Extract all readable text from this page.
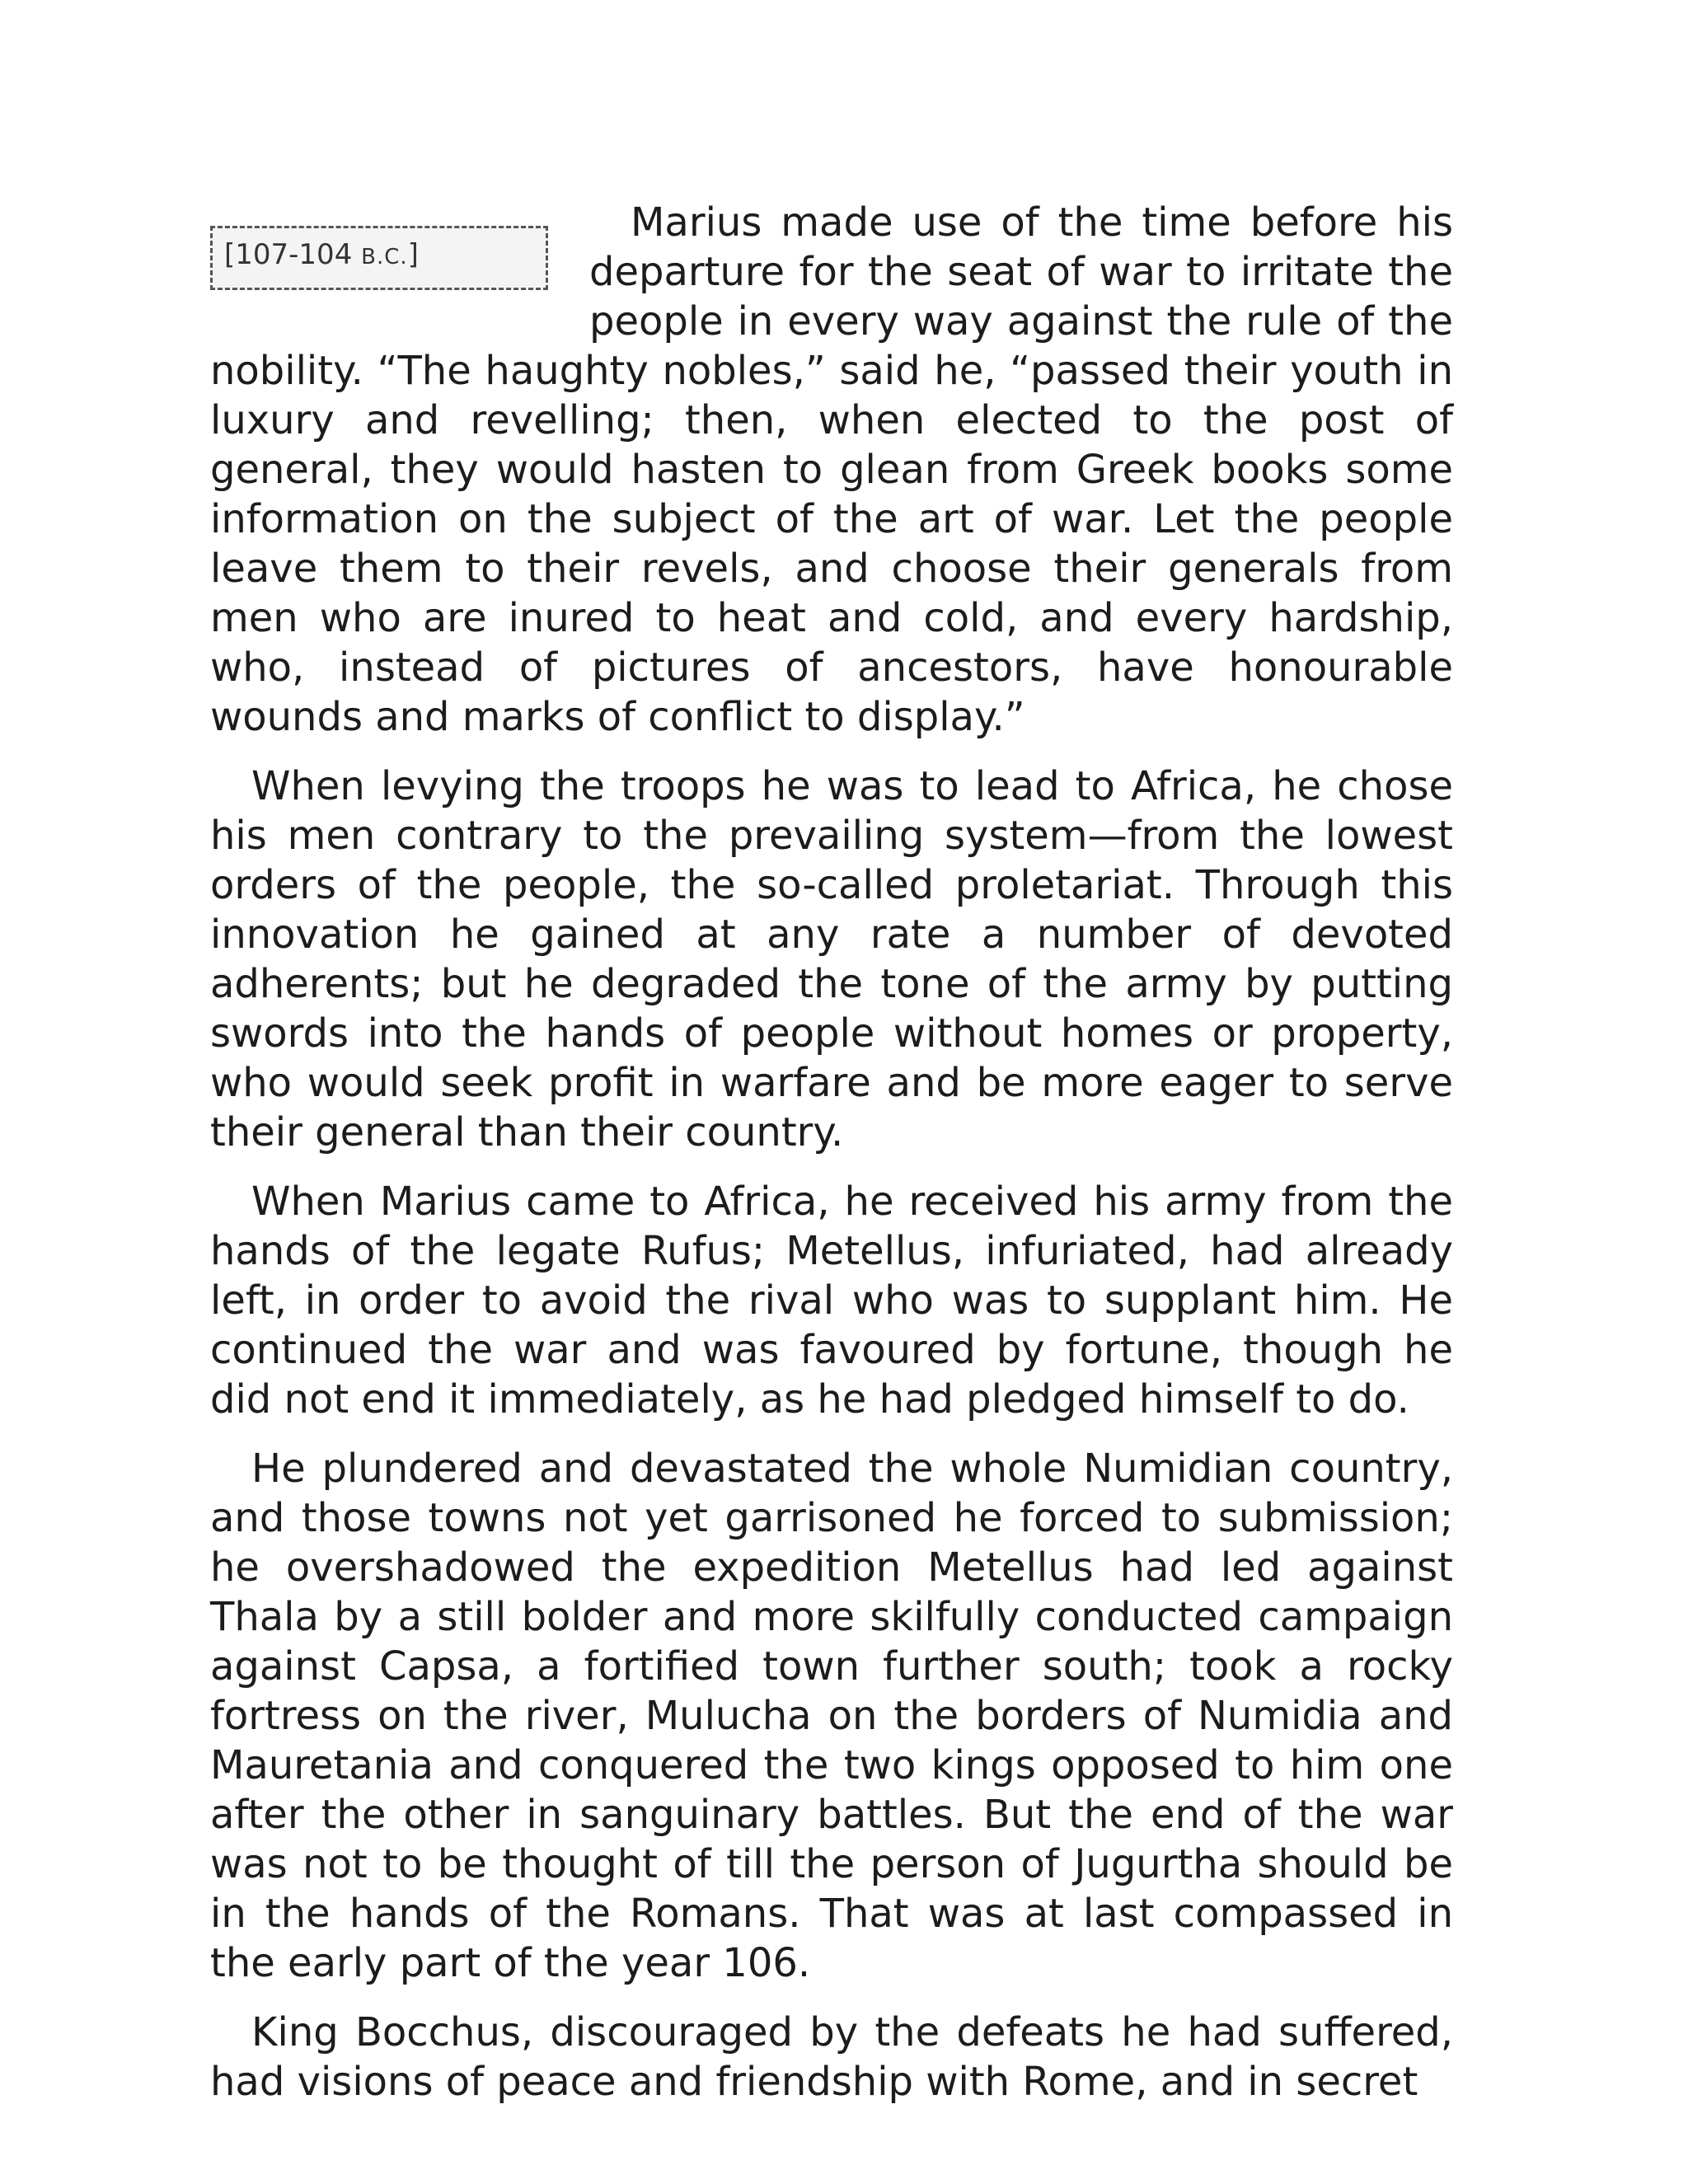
[107-104 B.C.]

Marius made use of the time before his departure for the seat of war to irritate the people in every way against the rule of the nobility. “The haughty nobles,” said he, “passed their youth in luxury and revelling; then, when elected to the post of general, they would hasten to glean from Greek books some information on the subject of the art of war. Let the people leave them to their revels, and choose their generals from men who are inured to heat and cold, and every hardship, who, instead of pictures of ancestors, have honourable wounds and marks of conflict to display.”

When levying the troops he was to lead to Africa, he chose his men contrary to the prevailing system—from the lowest orders of the people, the so-called proletariat. Through this innovation he gained at any rate a number of devoted adherents; but he degraded the tone of the army by putting swords into the hands of people without homes or property, who would seek profit in warfare and be more eager to serve their general than their country.

When Marius came to Africa, he received his army from the hands of the legate Rufus; Metellus, infuriated, had already left, in order to avoid the rival who was to supplant him. He continued the war and was favoured by fortune, though he did not end it immediately, as he had pledged himself to do.

He plundered and devastated the whole Numidian country, and those towns not yet garrisoned he forced to submission; he overshadowed the expedition Metellus had led against Thala by a still bolder and more skilfully conducted campaign against Capsa, a fortified town further south; took a rocky fortress on the river, Mulucha on the borders of Numidia and Mauretania and conquered the two kings opposed to him one after the other in sanguinary battles. But the end of the war was not to be thought of till the person of Jugurtha should be in the hands of the Romans. That was at last compassed in the early part of the year 106.

King Bocchus, discouraged by the defeats he had suffered, had visions of peace and friendship with Rome, and in secret
